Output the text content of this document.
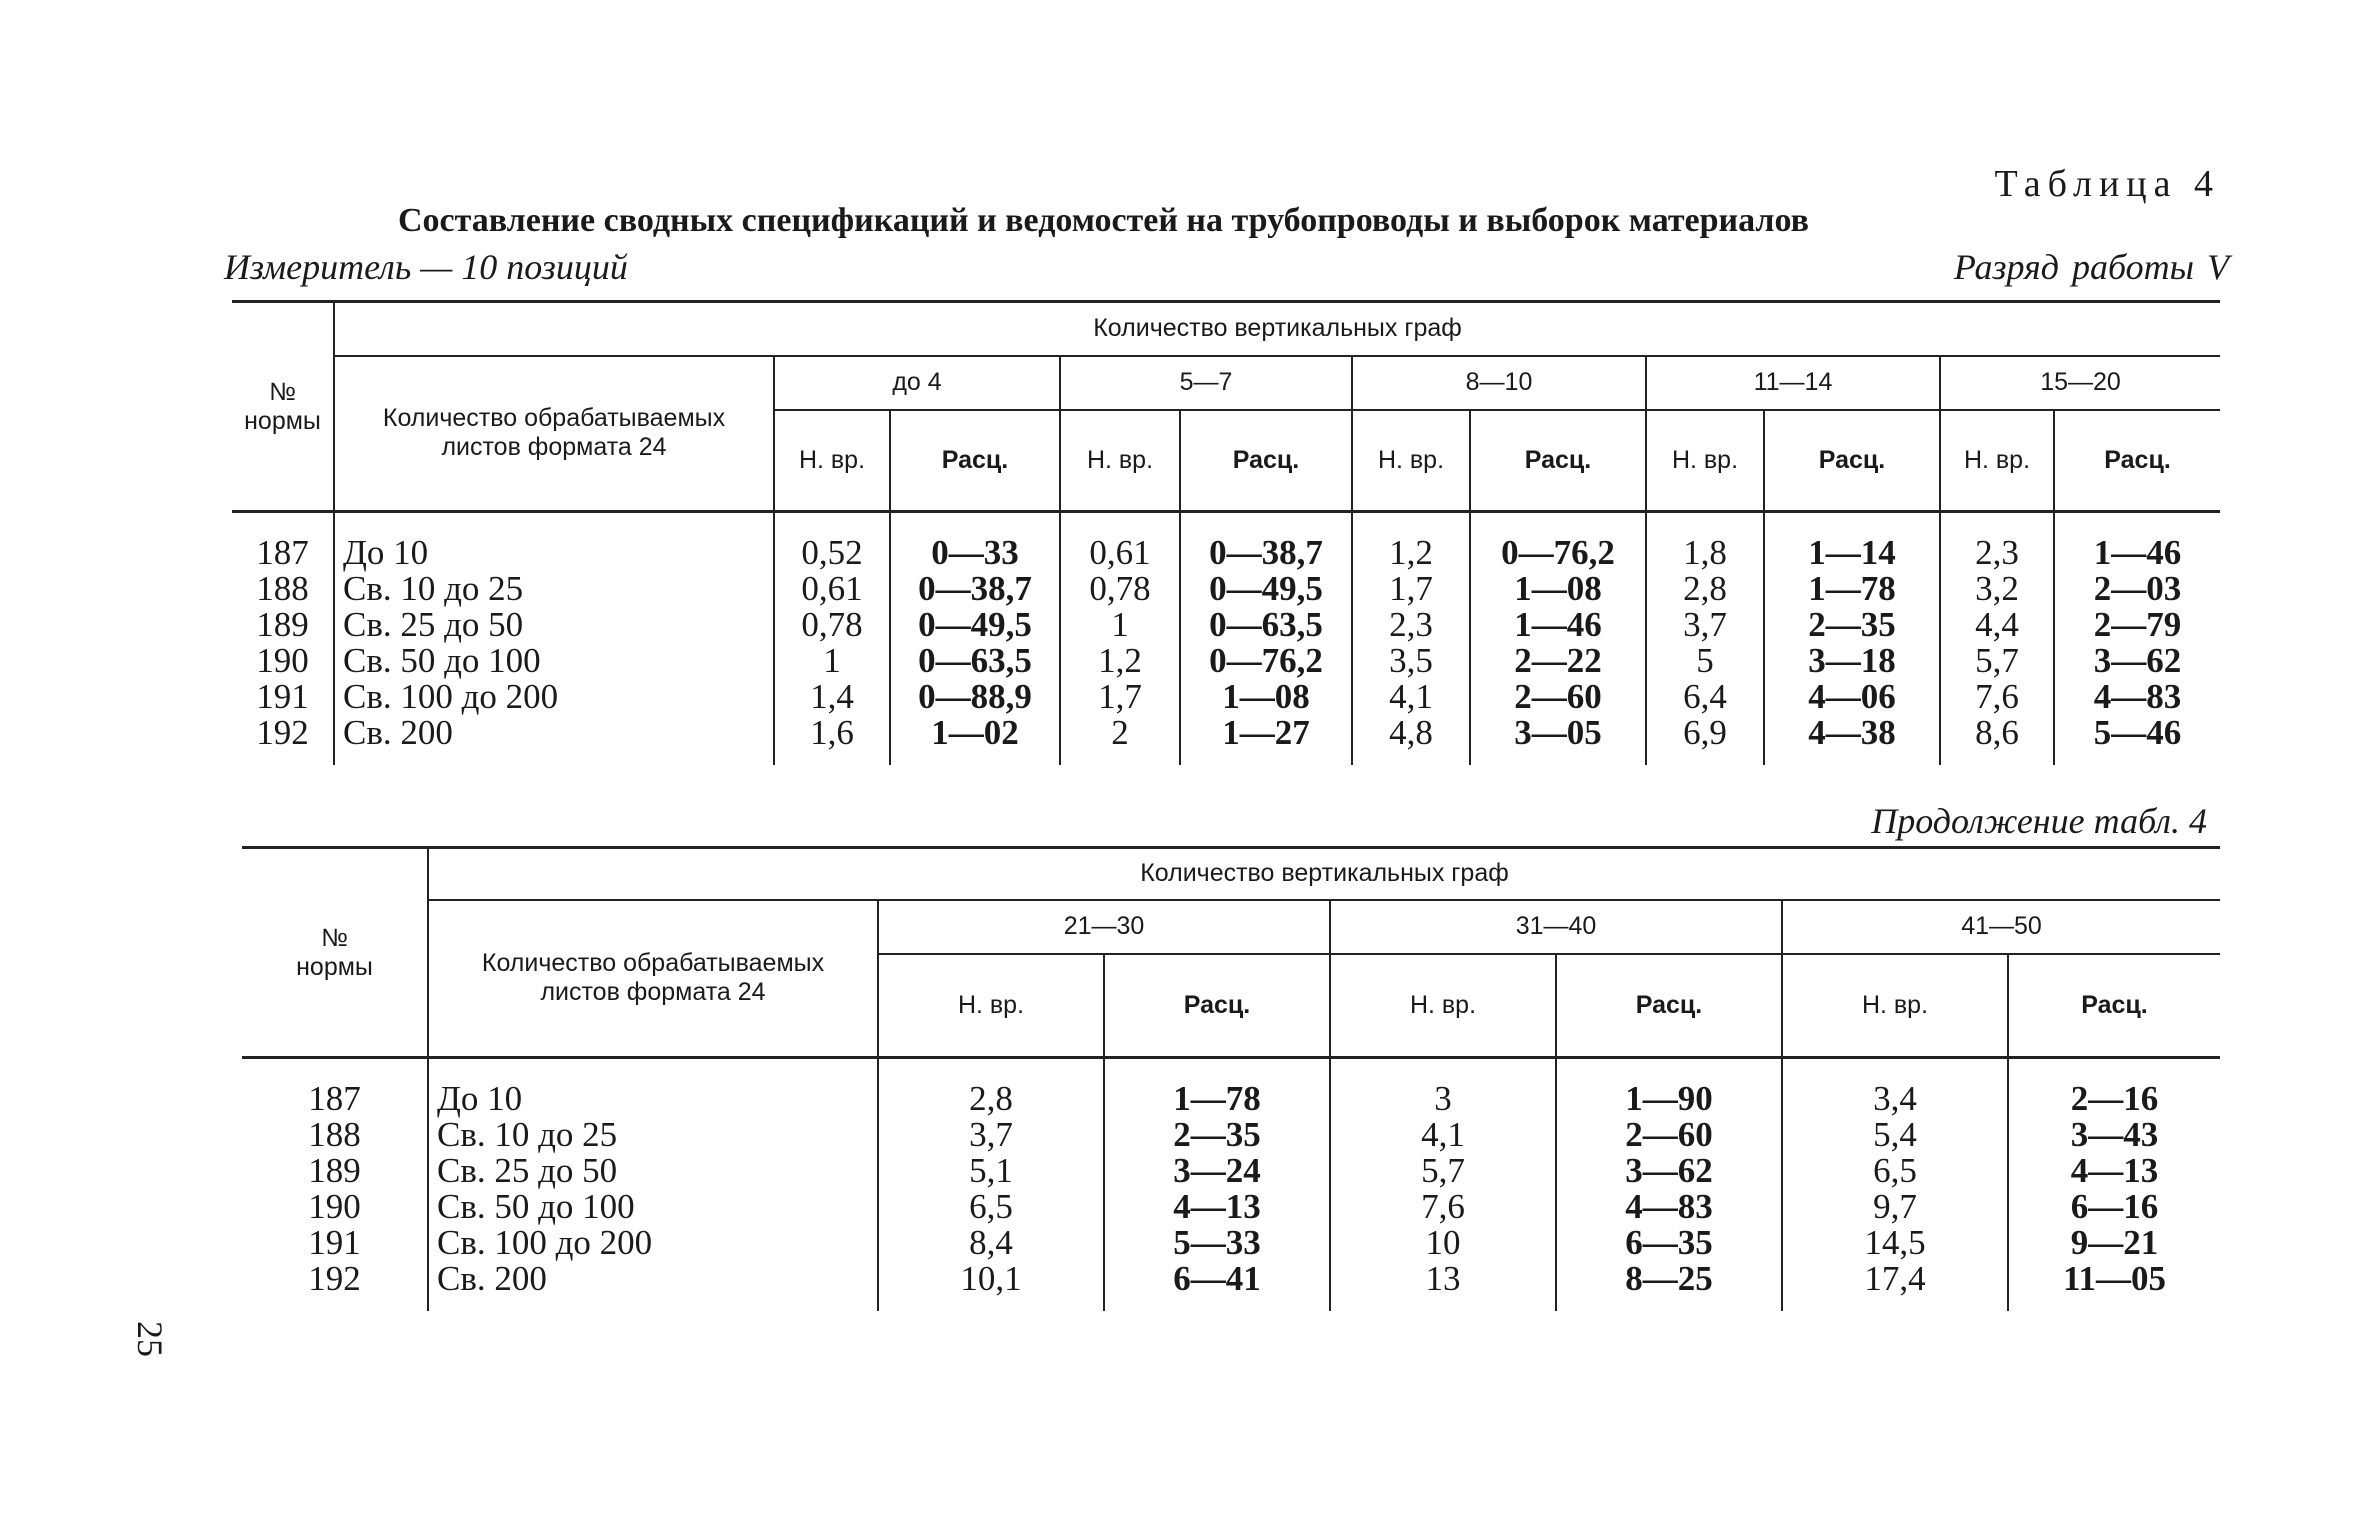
Таблица 4
Составление сводных спецификаций и ведомостей на трубопроводы и выборок материалов
Измеритель — 10 позиций	Разряд работы V
№ нормы	Количество вертикальных граф										
	Количество обрабатываемых листов формата 24	до 4		5—7		8—10		11—14		15—20	
		Н. вр.	Расц.	Н. вр.	Расц.	Н. вр.	Расц.	Н. вр.	Расц.	Н. вр.	Расц.
187	До 10	0,52	0—33	0,61	0—38,7	1,2	0—76,2	1,8	1—14	2,3	1—46
188	Св. 10 до 25	0,61	0—38,7	0,78	0—49,5	1,7	1—08	2,8	1—78	3,2	2—03
189	Св. 25 до 50	0,78	0—49,5	1	0—63,5	2,3	1—46	3,7	2—35	4,4	2—79
190	Св. 50 до 100	1	0—63,5	1,2	0—76,2	3,5	2—22	5	3—18	5,7	3—62
191	Св. 100 до 200	1,4	0—88,9	1,7	1—08	4,1	2—60	6,4	4—06	7,6	4—83
192	Св. 200	1,6	1—02	2	1—27	4,8	3—05	6,9	4—38	8,6	5—46
Продолжение табл. 4
№ нормы	Количество вертикальных граф						
	Количество обрабатываемых листов формата 24	21—30		31—40		41—50	
		Н. вр.	Расц.	Н. вр.	Расц.	Н. вр.	Расц.
187	До 10	2,8	1—78	3	1—90	3,4	2—16
188	Св. 10 до 25	3,7	2—35	4,1	2—60	5,4	3—43
189	Св. 25 до 50	5,1	3—24	5,7	3—62	6,5	4—13
190	Св. 50 до 100	6,5	4—13	7,6	4—83	9,7	6—16
191	Св. 100 до 200	8,4	5—33	10	6—35	14,5	9—21
192	Св. 200	10,1	6—41	13	8—25	17,4	11—05
25
